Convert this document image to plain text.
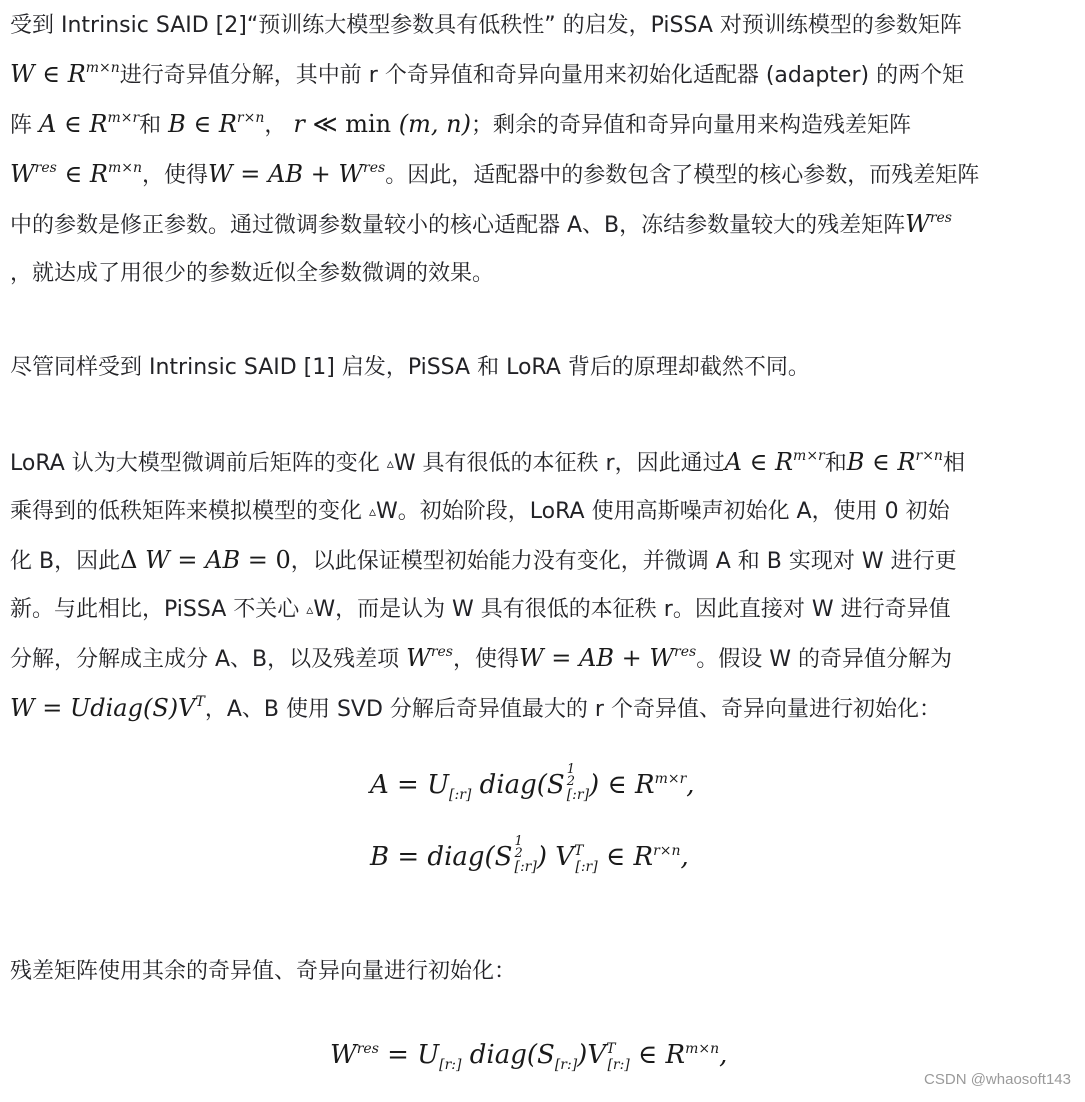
受到 Intrinsic SAID [2]“预训练大模型参数具有低秩性” 的启发，PiSSA 对预训练模型的参数矩阵

W ∈ $R^{m\times n}$进行奇异值分解，其中前 r 个奇异值和奇异向量用来初始化适配器 (adapter) 的两个矩

阵 A ∈ $R^{m\times r}$和 B ∈ $R^{r\times n}$， r ≪ min (m, n)；剩余的奇异值和奇异向量用来构造残差矩阵

$W^{res}$ ∈ $R^{m\times n}$，使得W = AB + $W^{res}$。因此，适配器中的参数包含了模型的核心参数，而残差矩阵

中的参数是修正参数。通过微调参数量较小的核心适配器 A、B，冻结参数量较大的残差矩阵$W^{res}$

，就达成了用很少的参数近似全参数微调的效果。

尽管同样受到 Intrinsic SAID [1] 启发，PiSSA 和 LoRA 背后的原理却截然不同。

LoRA 认为大模型微调前后矩阵的变化 ▵W 具有很低的本征秩 r，因此通过A ∈ $R^{m\times r}$和B ∈ $R^{r\times n}$相

乘得到的低秩矩阵来模拟模型的变化 ▵W。初始阶段，LoRA 使用高斯噪声初始化 A，使用 0 初始

化 B，因此Δ W = AB = 0，以此保证模型初始能力没有变化，并微调 A 和 B 实现对 W 进行更

新。与此相比，PiSSA 不关心 ▵W，而是认为 W 具有很低的本征秩 r。因此直接对 W 进行奇异值

分解，分解成主成分 A、B，以及残差项 $W^{res}$，使得W = AB + $W^{res}$。假设 W 的奇异值分解为

$W = Udiag(S)V^T$，A、B 使用 SVD 分解后奇异值最大的 r 个奇异值、奇异向量进行初始化：

$A = U_{[:r]}$ diag(S
1
2
$_{[:r]}$) ∈ $R^{m\times r}$,
B = diag(S
1
2
$_{[:r]}$) $V^T_{[:r]}$ ∈ $R^{r\times n}$,

残差矩阵使用其余的奇异值、奇异向量进行初始化：

$W^{res} = U_{[r:]}$ $diag(S_{[r:]})V^T_{[r:]}$ ∈ $R^{m\times n}$,
CSDN @whaosoft143
